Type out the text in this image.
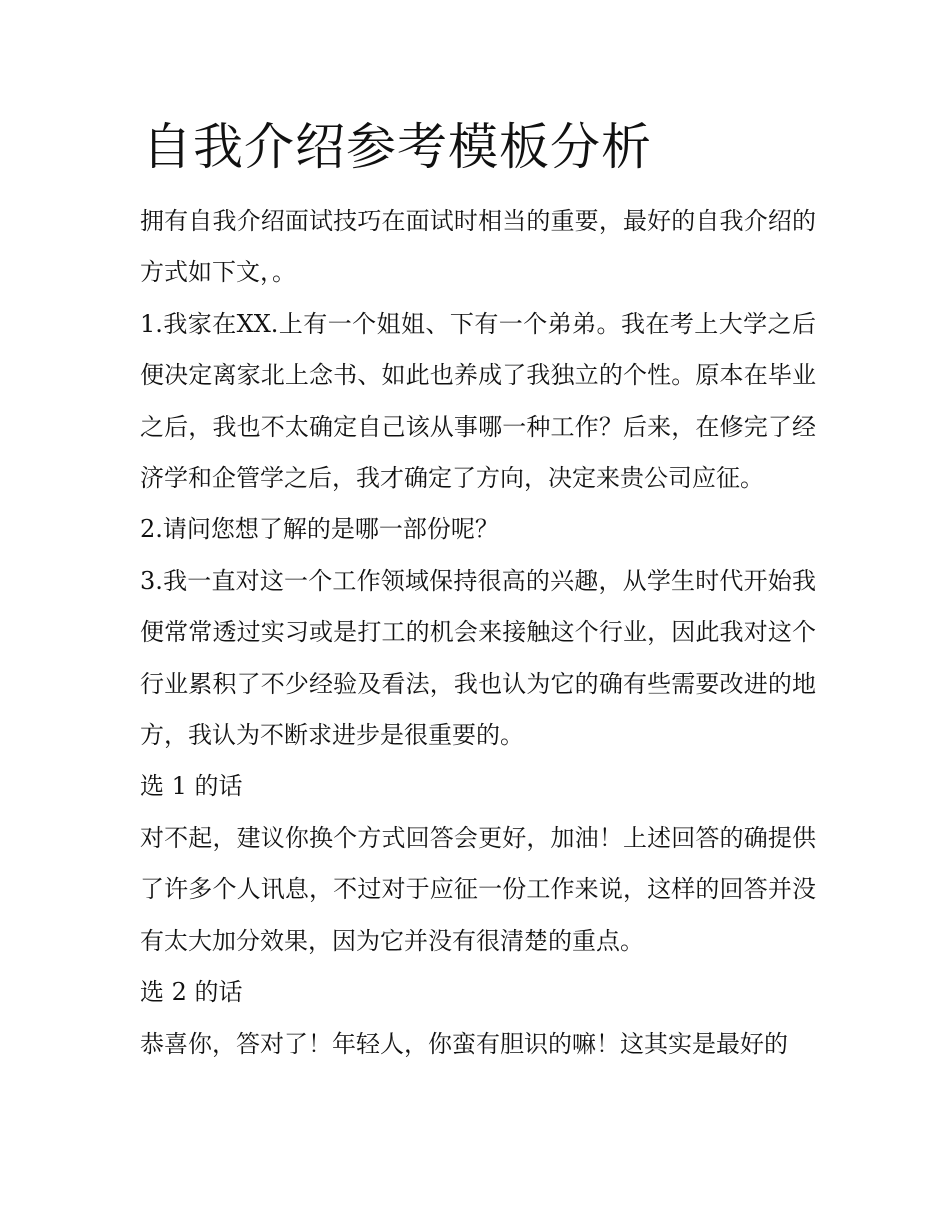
自我介绍参考模板分析

拥有自我介绍面试技巧在面试时相当的重要，最好的自我介绍的方式如下文，。

1.我家在XX.上有一个姐姐、下有一个弟弟。我在考上大学之后便决定离家北上念书、如此也养成了我独立的个性。原本在毕业之后，我也不太确定自己该从事哪一种工作？后来，在修完了经济学和企管学之后，我才确定了方向，决定来贵公司应征。

2.请问您想了解的是哪一部份呢？

3.我一直对这一个工作领域保持很高的兴趣，从学生时代开始我便常常透过实习或是打工的机会来接触这个行业，因此我对这个行业累积了不少经验及看法，我也认为它的确有些需要改进的地方，我认为不断求进步是很重要的。

选 1 的话

对不起，建议你换个方式回答会更好，加油！上述回答的确提供了许多个人讯息，不过对于应征一份工作来说，这样的回答并没有太大加分效果，因为它并没有很清楚的重点。

选 2 的话

恭喜你，答对了！年轻人，你蛮有胆识的嘛！这其实是最好的
